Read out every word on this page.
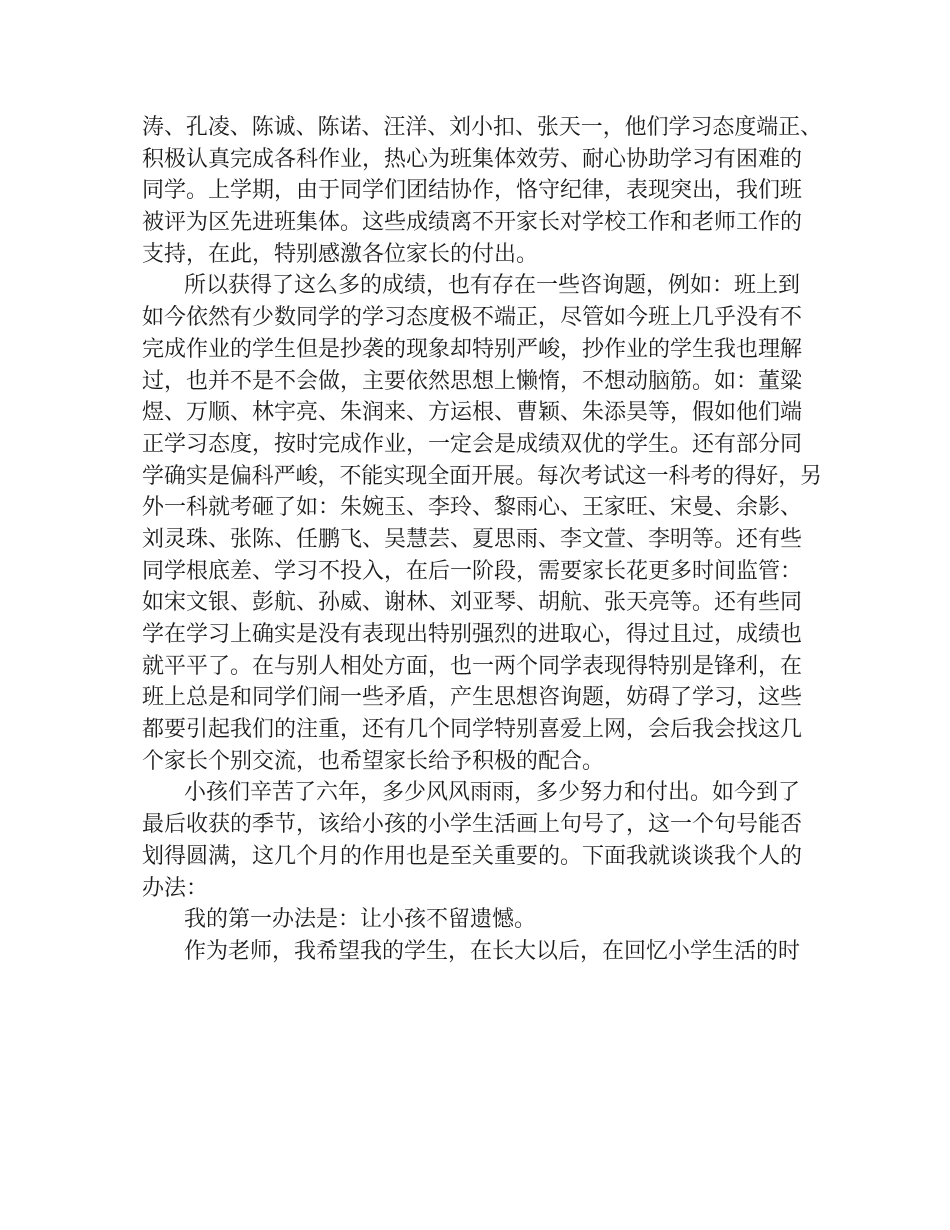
涛、孔凌、陈诚、陈诺、汪洋、刘小扣、张天一，他们学习态度端正、
积极认真完成各科作业，热心为班集体效劳、耐心协助学习有困难的
同学。上学期，由于同学们团结协作，恪守纪律，表现突出，我们班
被评为区先进班集体。这些成绩离不开家长对学校工作和老师工作的
支持，在此，特别感激各位家长的付出。
所以获得了这么多的成绩，也有存在一些咨询题，例如：班上到
如今依然有少数同学的学习态度极不端正，尽管如今班上几乎没有不
完成作业的学生但是抄袭的现象却特别严峻，抄作业的学生我也理解
过，也并不是不会做，主要依然思想上懒惰，不想动脑筋。如：董粱
煜、万顺、林宇亮、朱润来、方运根、曹颖、朱添昊等，假如他们端
正学习态度，按时完成作业，一定会是成绩双优的学生。还有部分同
学确实是偏科严峻，不能实现全面开展。每次考试这一科考的得好，另
外一科就考砸了如：朱婉玉、李玲、黎雨心、王家旺、宋曼、余影、
刘灵珠、张陈、任鹏飞、吴慧芸、夏思雨、李文萱、李明等。还有些
同学根底差、学习不投入，在后一阶段，需要家长花更多时间监管：
如宋文银、彭航、孙威、谢林、刘亚琴、胡航、张天亮等。还有些同
学在学习上确实是没有表现出特别强烈的进取心，得过且过，成绩也
就平平了。在与别人相处方面，也一两个同学表现得特别是锋利，在
班上总是和同学们闹一些矛盾，产生思想咨询题，妨碍了学习，这些
都要引起我们的注重，还有几个同学特别喜爱上网，会后我会找这几
个家长个别交流，也希望家长给予积极的配合。
小孩们辛苦了六年，多少风风雨雨，多少努力和付出。如今到了
最后收获的季节，该给小孩的小学生活画上句号了，这一个句号能否
划得圆满，这几个月的作用也是至关重要的。下面我就谈谈我个人的
办法：
我的第一办法是：让小孩不留遗憾。
作为老师，我希望我的学生，在长大以后，在回忆小学生活的时
